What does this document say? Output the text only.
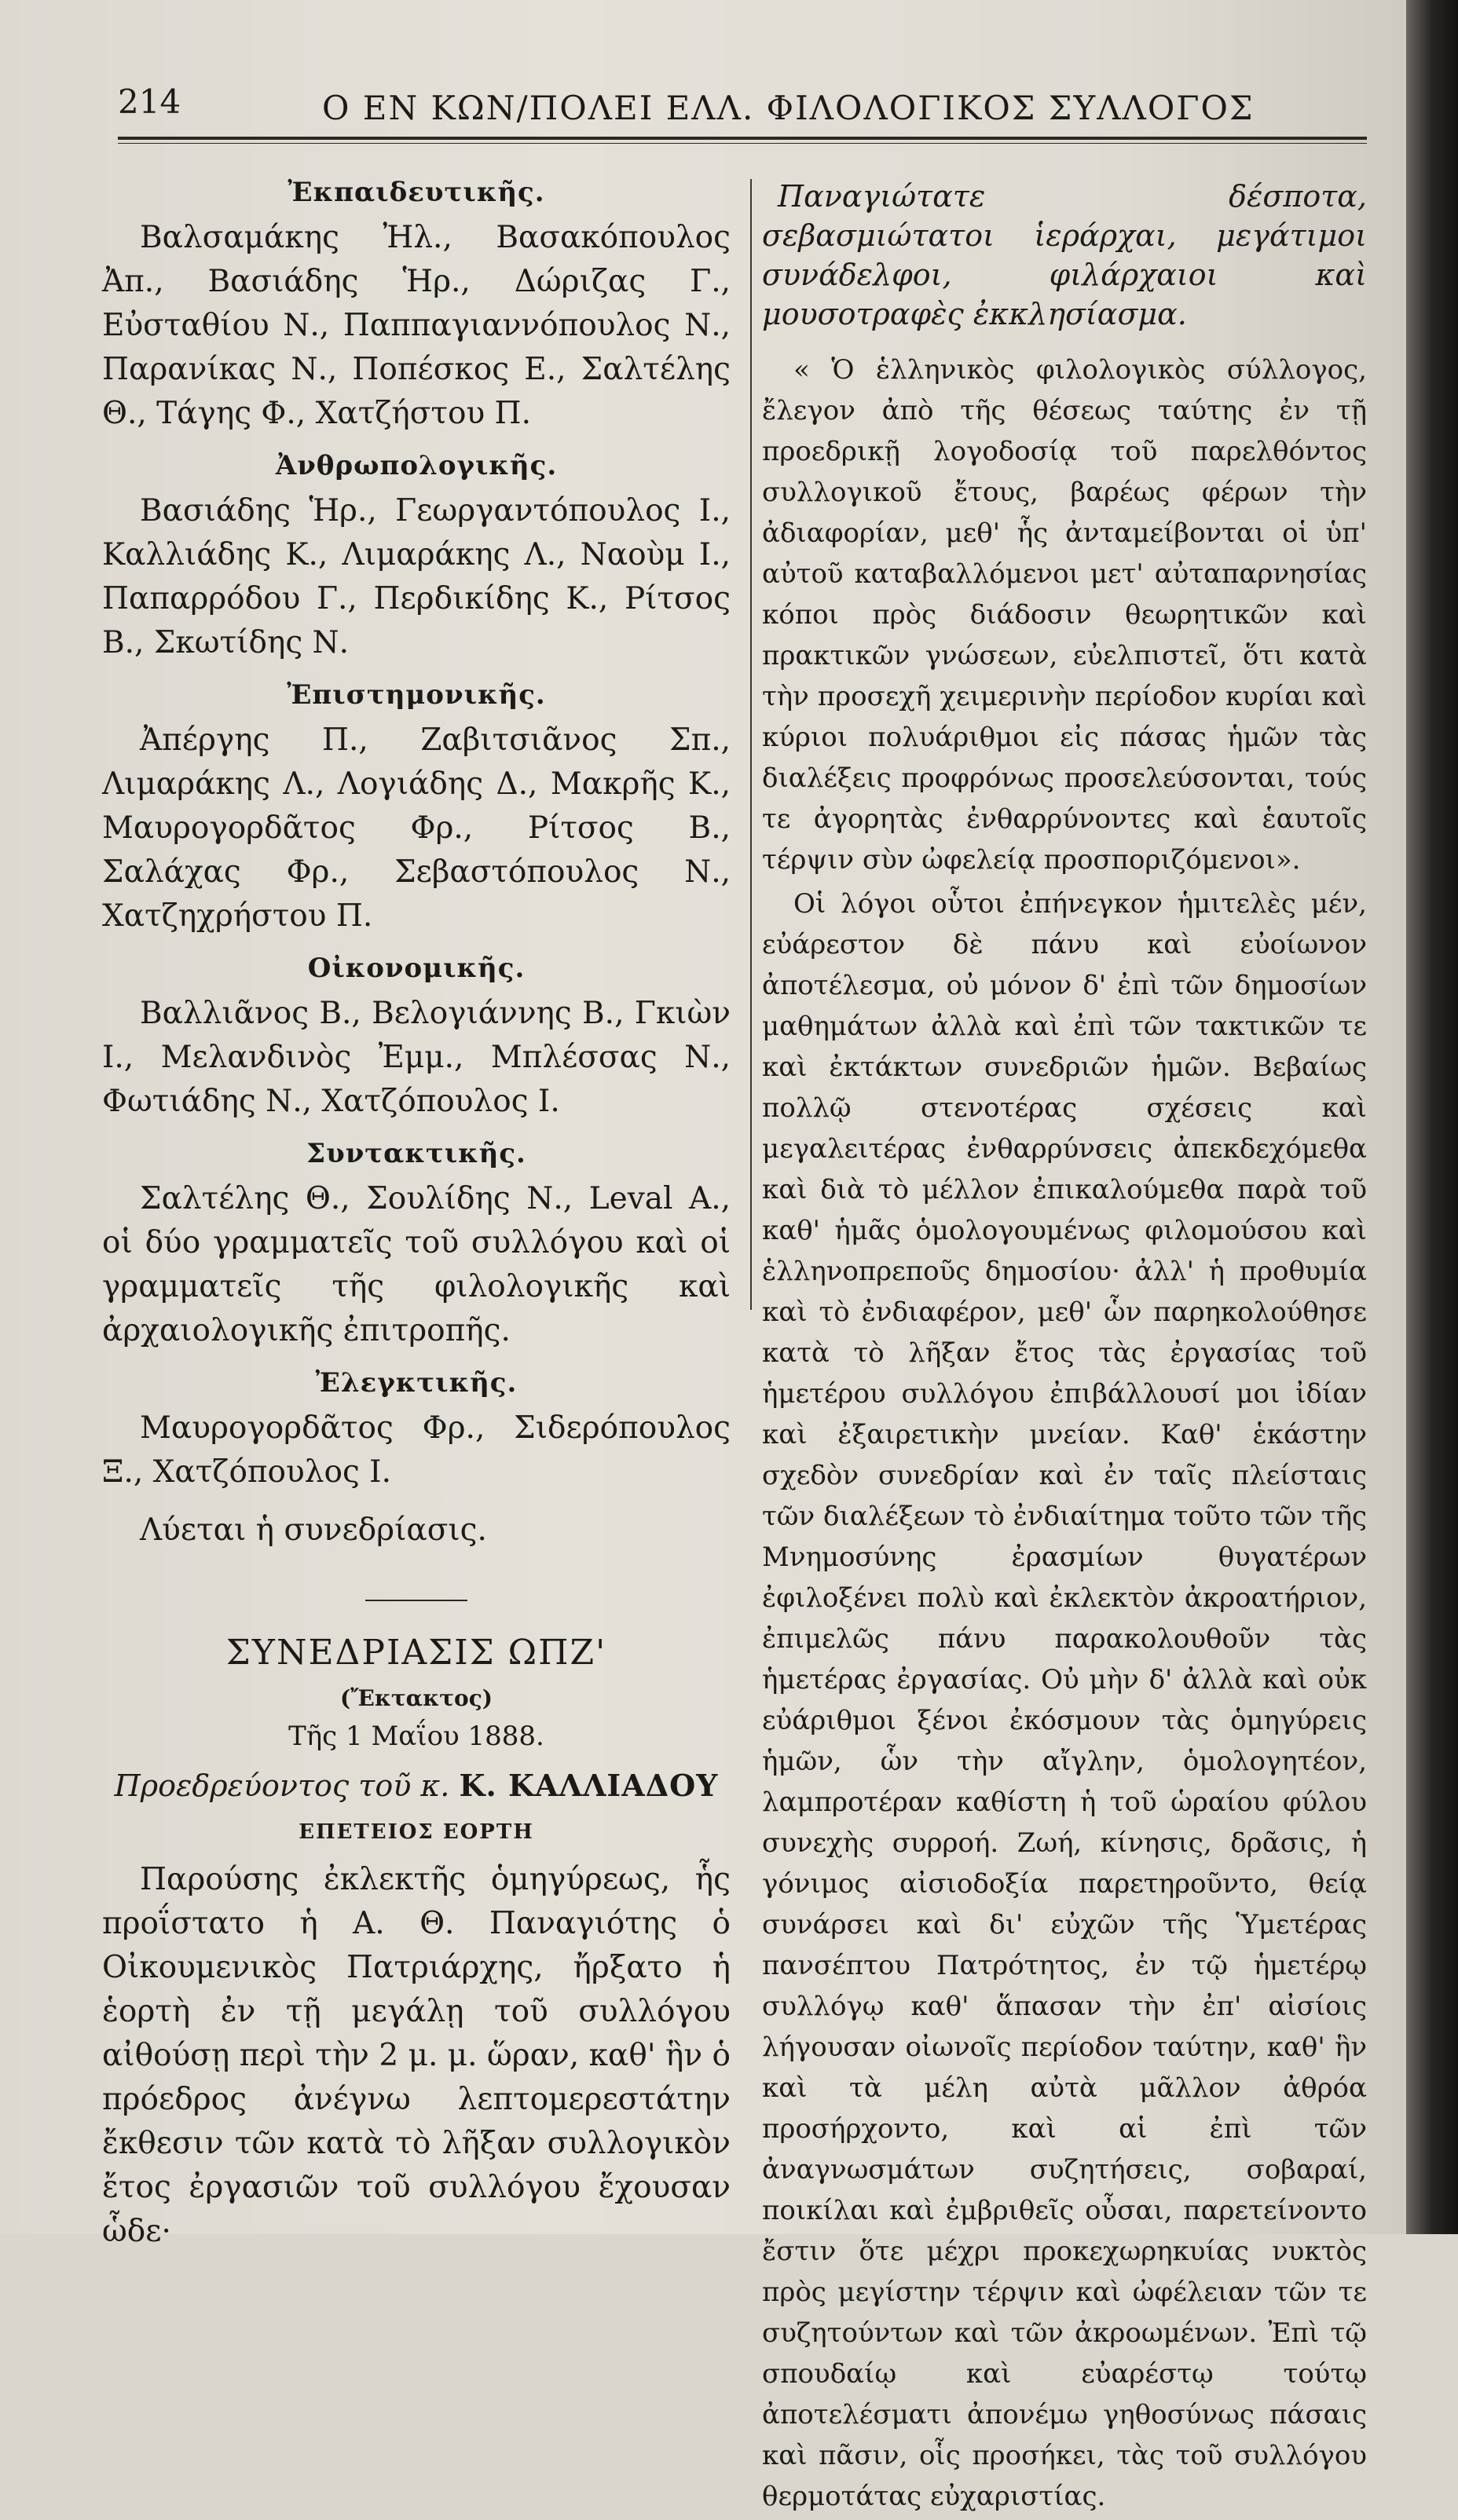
214	Ο ΕΝ ΚΩΝ/ΠΟΛΕΙ ΕΛΛ. ΦΙΛΟΛΟΓΙΚΟΣ ΣΥΛΛΟΓΟΣ
Ἐκπαιδευτικῆς.

Βαλσαμάκης Ἠλ., Βασακόπουλος Ἀπ., Βασιάδης Ἡρ., Δώριζας Γ., Εὐσταθίου Ν., Παππαγιαννόπουλος Ν., Παρανίκας Ν., Ποπέσκος Ε., Σαλτέλης Θ., Τάγης Φ., Χατζήστου Π.

Ἀνθρωπολογικῆς.

Βασιάδης Ἡρ., Γεωργαντόπουλος Ι., Καλλιάδης Κ., Λιμαράκης Λ., Ναοὺμ Ι., Παπαρρόδου Γ., Περδικίδης Κ., Ρίτσος Β., Σκωτίδης Ν.

Ἐπιστημονικῆς.

Ἀπέργης Π., Ζαβιτσιᾶνος Σπ., Λιμαράκης Λ., Λογιάδης Δ., Μακρῆς Κ., Μαυρογορδᾶτος Φρ., Ρίτσος Β., Σαλάχας Φρ., Σεβαστόπουλος Ν., Χατζηχρήστου Π.

Οἰκονομικῆς.

Βαλλιᾶνος Β., Βελογιάννης Β., Γκιὼν Ι., Μελανδινὸς Ἐμμ., Μπλέσσας Ν., Φωτιάδης Ν., Χατζόπουλος Ι.

Συντακτικῆς.

Σαλτέλης Θ., Σουλίδης Ν., Leval A., οἱ δύο γραμματεῖς τοῦ συλλόγου καὶ οἱ γραμματεῖς τῆς φιλολογικῆς καὶ ἀρχαιολογικῆς ἐπιτροπῆς.

Ἐλεγκτικῆς.

Μαυρογορδᾶτος Φρ., Σιδερόπουλος Ξ., Χατζόπουλος Ι.

Λύεται ἡ συνεδρίασις.

ΣΥΝΕΔΡΙΑΣΙΣ ΩΠΖ'
(Ἔκτακτος)
Τῆς 1 Μαΐου 1888.
Προεδρεύοντος τοῦ κ. Κ. ΚΑΛΛΙΑΔΟΥ
ΕΠΕΤΕΙΟΣ ΕΟΡΤΗ

Παρούσης ἐκλεκτῆς ὁμηγύρεως, ἧς προΐστατο ἡ Α. Θ. Παναγιότης ὁ Οἰκουμενικὸς Πατριάρχης, ἤρξατο ἡ ἑορτὴ ἐν τῇ μεγάλῃ τοῦ συλλόγου αἰθούσῃ περὶ τὴν 2 μ. μ. ὥραν, καθ' ἣν ὁ πρόεδρος ἀνέγνω λεπτομερεστάτην ἔκθεσιν τῶν κατὰ τὸ λῆξαν συλλογικὸν ἔτος ἐργασιῶν τοῦ συλλόγου ἔχουσαν ὧδε·

Παναγιώτατε δέσποτα, σεβασμιώτατοι ἱεράρχαι, μεγάτιμοι συνάδελφοι, φιλάρχαιοι καὶ μουσοτραφὲς ἐκκλησίασμα.

« Ὁ ἑλληνικὸς φιλολογικὸς σύλλογος, ἔλεγον ἀπὸ τῆς θέσεως ταύτης ἐν τῇ προεδρικῇ λογοδοσίᾳ τοῦ παρελθόντος συλλογικοῦ ἔτους, βαρέως φέρων τὴν ἀδιαφορίαν, μεθ' ἧς ἀνταμείβονται οἱ ὑπ' αὐτοῦ καταβαλλόμενοι μετ' αὐταπαρνησίας κόποι πρὸς διάδοσιν θεωρητικῶν καὶ πρακτικῶν γνώσεων, εὐελπιστεῖ, ὅτι κατὰ τὴν προσεχῆ χειμερινὴν περίοδον κυρίαι καὶ κύριοι πολυάριθμοι εἰς πάσας ἡμῶν τὰς διαλέξεις προφρόνως προσελεύσονται, τούς τε ἀγορητὰς ἐνθαρρύνοντες καὶ ἑαυτοῖς τέρψιν σὺν ὠφελείᾳ προσποριζόμενοι».

Οἱ λόγοι οὗτοι ἐπήνεγκον ἡμιτελὲς μέν, εὐάρεστον δὲ πάνυ καὶ εὐοίωνον ἀποτέλεσμα, οὐ μόνον δ' ἐπὶ τῶν δημοσίων μαθημάτων ἀλλὰ καὶ ἐπὶ τῶν τακτικῶν τε καὶ ἐκτάκτων συνεδριῶν ἡμῶν. Βεβαίως πολλῷ στενοτέρας σχέσεις καὶ μεγαλειτέρας ἐνθαρρύνσεις ἀπεκδεχόμεθα καὶ διὰ τὸ μέλλον ἐπικαλούμεθα παρὰ τοῦ καθ' ἡμᾶς ὁμολογουμένως φιλομούσου καὶ ἑλληνοπρεποῦς δημοσίου· ἀλλ' ἡ προθυμία καὶ τὸ ἐνδιαφέρον, μεθ' ὧν παρηκολούθησε κατὰ τὸ λῆξαν ἔτος τὰς ἐργασίας τοῦ ἡμετέρου συλλόγου ἐπιβάλλουσί μοι ἰδίαν καὶ ἐξαιρετικὴν μνείαν. Καθ' ἑκάστην σχεδὸν συνεδρίαν καὶ ἐν ταῖς πλείσταις τῶν διαλέξεων τὸ ἐνδιαίτημα τοῦτο τῶν τῆς Μνημοσύνης ἐρασμίων θυγατέρων ἐφιλοξένει πολὺ καὶ ἐκλεκτὸν ἀκροατήριον, ἐπιμελῶς πάνυ παρακολουθοῦν τὰς ἡμετέρας ἐργασίας. Οὐ μὴν δ' ἀλλὰ καὶ οὐκ εὐάριθμοι ξένοι ἐκόσμουν τὰς ὁμηγύρεις ἡμῶν, ὧν τὴν αἴγλην, ὁμολογητέον, λαμπροτέραν καθίστη ἡ τοῦ ὡραίου φύλου συνεχὴς συρροή. Ζωή, κίνησις, δρᾶσις, ἡ γόνιμος αἰσιοδοξία παρετηροῦντο, θείᾳ συνάρσει καὶ δι' εὐχῶν τῆς Ὑμετέρας πανσέπτου Πατρότητος, ἐν τῷ ἡμετέρῳ συλλόγῳ καθ' ἅπασαν τὴν ἐπ' αἰσίοις λήγουσαν οἰωνοῖς περίοδον ταύτην, καθ' ἣν καὶ τὰ μέλη αὐτὰ μᾶλλον ἀθρόα προσήρχοντο, καὶ αἱ ἐπὶ τῶν ἀναγνωσμάτων συζητήσεις, σοβαραί, ποικίλαι καὶ ἐμβριθεῖς οὖσαι, παρετείνοντο ἔστιν ὅτε μέχρι προκεχωρηκυίας νυκτὸς πρὸς μεγίστην τέρψιν καὶ ὠφέλειαν τῶν τε συζητούντων καὶ τῶν ἀκροωμένων. Ἐπὶ τῷ σπουδαίῳ καὶ εὐαρέστῳ τούτῳ ἀποτελέσματι ἀπονέμω γηθοσύνως πάσαις καὶ πᾶσιν, οἷς προσήκει, τὰς τοῦ συλλόγου θερμοτάτας εὐχαριστίας.
